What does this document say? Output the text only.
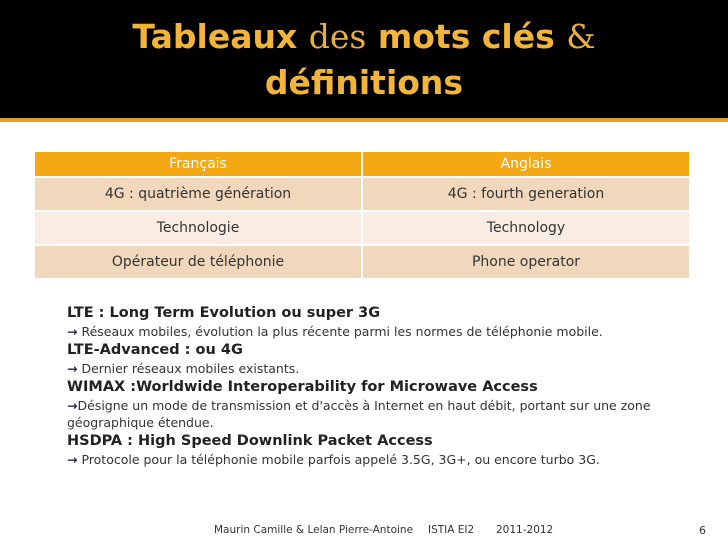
Tableaux des mots clés &
définitions
Français	Anglais
4G : quatrième génération	4G : fourth generation
Technologie	Technology
Opérateur de téléphonie	Phone operator

LTE : Long Term Evolution ou super 3G

→ Réseaux mobiles, évolution la plus récente parmi les normes de téléphonie mobile.

LTE-Advanced : ou 4G

→ Dernier réseaux mobiles existants.

WIMAX :Worldwide Interoperability for Microwave Access

→Désigne un mode de transmission et d'accès à Internet en haut débit, portant sur une zone géographique étendue.

HSDPA : High Speed Downlink Packet Access

→ Protocole pour la téléphonie mobile parfois appelé 3.5G, 3G+, ou encore turbo 3G.

Maurin Camille & Lelan Pierre-Antoine ISTIA EI2 2011-2012	6
